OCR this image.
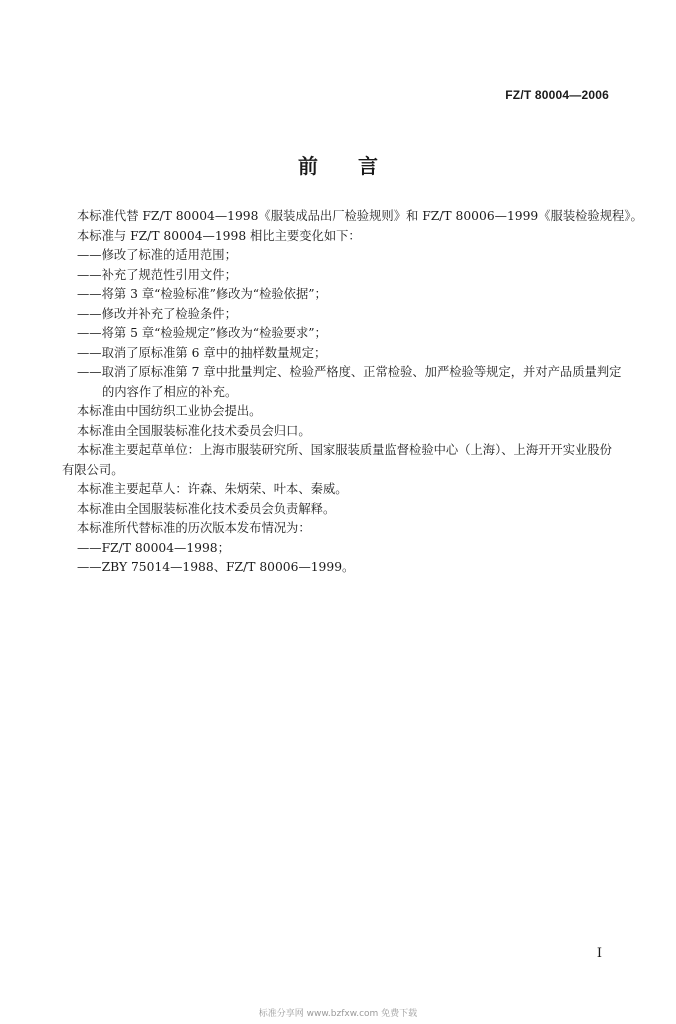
FZ/T 80004—2006
前言

本标准代替 FZ/T 80004—1998《服装成品出厂检验规则》和 FZ/T 80006—1999《服装检验规程》。

本标准与 FZ/T 80004—1998 相比主要变化如下：

——修改了标准的适用范围；

——补充了规范性引用文件；

——将第 3 章“检验标准”修改为“检验依据”；

——修改并补充了检验条件；

——将第 5 章“检验规定”修改为“检验要求”；

——取消了原标准第 6 章中的抽样数量规定；

——取消了原标准第 7 章中批量判定、检验严格度、正常检验、加严检验等规定，并对产品质量判定

的内容作了相应的补充。

本标准由中国纺织工业协会提出。

本标准由全国服装标准化技术委员会归口。

本标准主要起草单位：上海市服装研究所、国家服装质量监督检验中心（上海）、上海开开实业股份

有限公司。

本标准主要起草人：许森、朱炳荣、叶本、秦威。

本标准由全国服装标准化技术委员会负责解释。

本标准所代替标准的历次版本发布情况为：

——FZ/T 80004—1998；

——ZBY 75014—1988、FZ/T 80006—1999。

I
标准分享网 www.bzfxw.com 免费下载
